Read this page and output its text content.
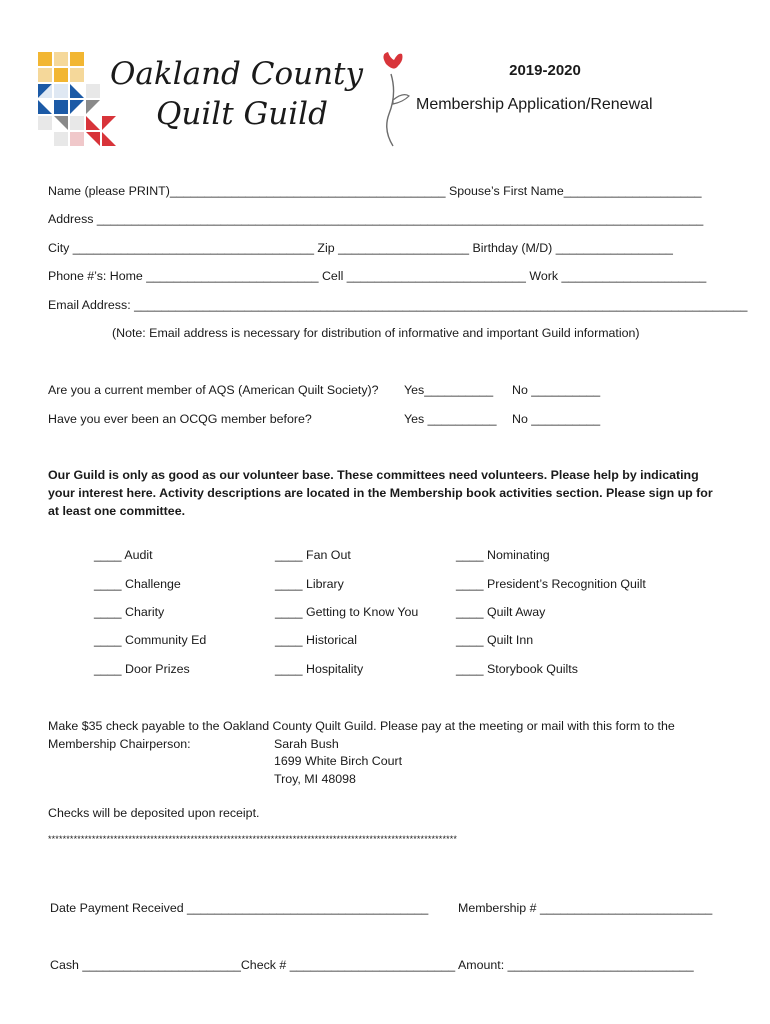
Oakland County
Quilt Guild
2019-2020
Membership Application/Renewal
Name (please PRINT)________________________________________ Spouse’s First Name____________________
Address ________________________________________________________________________________________
City ___________________________________ Zip ___________________ Birthday (M/D) _________________
Phone #’s: Home _________________________ Cell __________________________ Work _____________________
Email Address: _________________________________________________________________________________________
(Note: Email address is necessary for distribution of informative and important Guild information)
Are you a current member of AQS (American Quilt Society)? Yes__________ No __________
Have you ever been an OCQG member before?	Yes __________ No __________
Our Guild is only as good as our volunteer base. These committees need volunteers. Please help by indicating your interest here. Activity descriptions are located in the Membership book activities section. Please sign up for at least one committee.
____ Audit
____ Challenge
____ Charity
____ Community Ed
____ Door Prizes
____ Fan Out
____ Library
____ Getting to Know You
____ Historical
____ Hospitality
____ Nominating
____ President’s Recognition Quilt
____ Quilt Away
____ Quilt Inn
____ Storybook Quilts
Make $35 check payable to the Oakland County Quilt Guild. Please pay at the meeting or mail with this form to the
Membership Chairperson:	Sarah Bush
1699 White Birch Court
Troy, MI 48098
Checks will be deposited upon receipt.
****************************************************************************************************************
Date Payment Received ___________________________________ Membership # _________________________
Cash _______________________Check # ________________________ Amount: ___________________________
